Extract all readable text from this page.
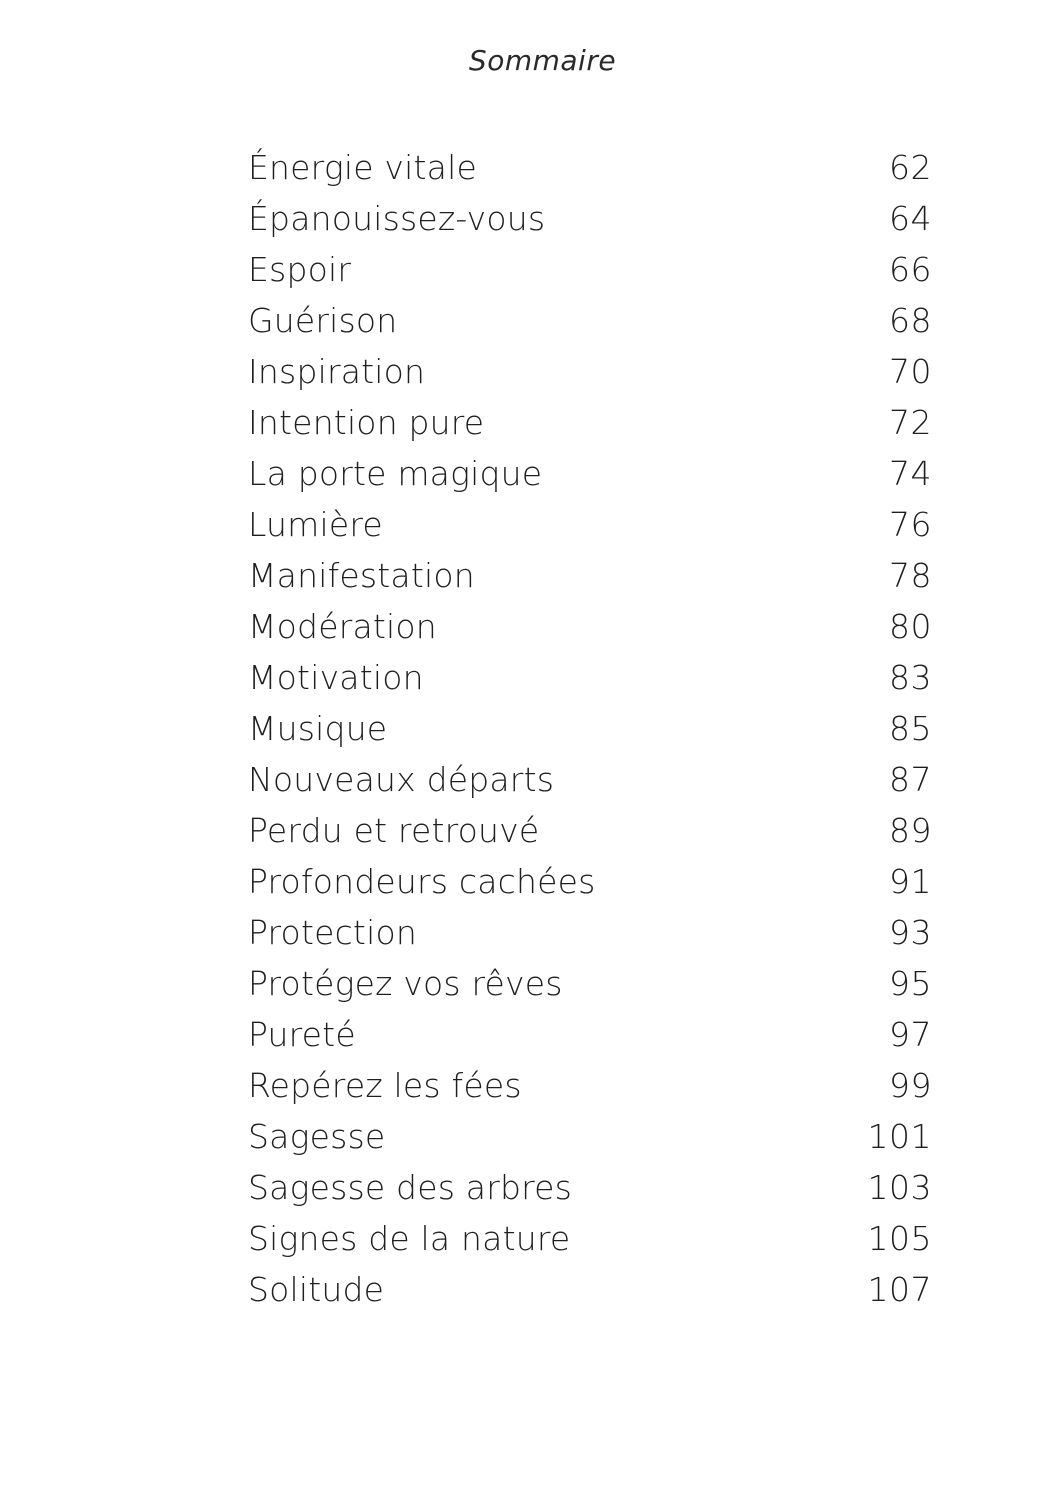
Sommaire
Énergie vitale	62
Épanouissez-vous	64
Espoir	66
Guérison	68
Inspiration	70
Intention pure	72
La porte magique	74
Lumière	76
Manifestation	78
Modération	80
Motivation	83
Musique	85
Nouveaux départs	87
Perdu et retrouvé	89
Profondeurs cachées	91
Protection	93
Protégez vos rêves	95
Pureté	97
Repérez les fées	99
Sagesse	101
Sagesse des arbres	103
Signes de la nature	105
Solitude	107
